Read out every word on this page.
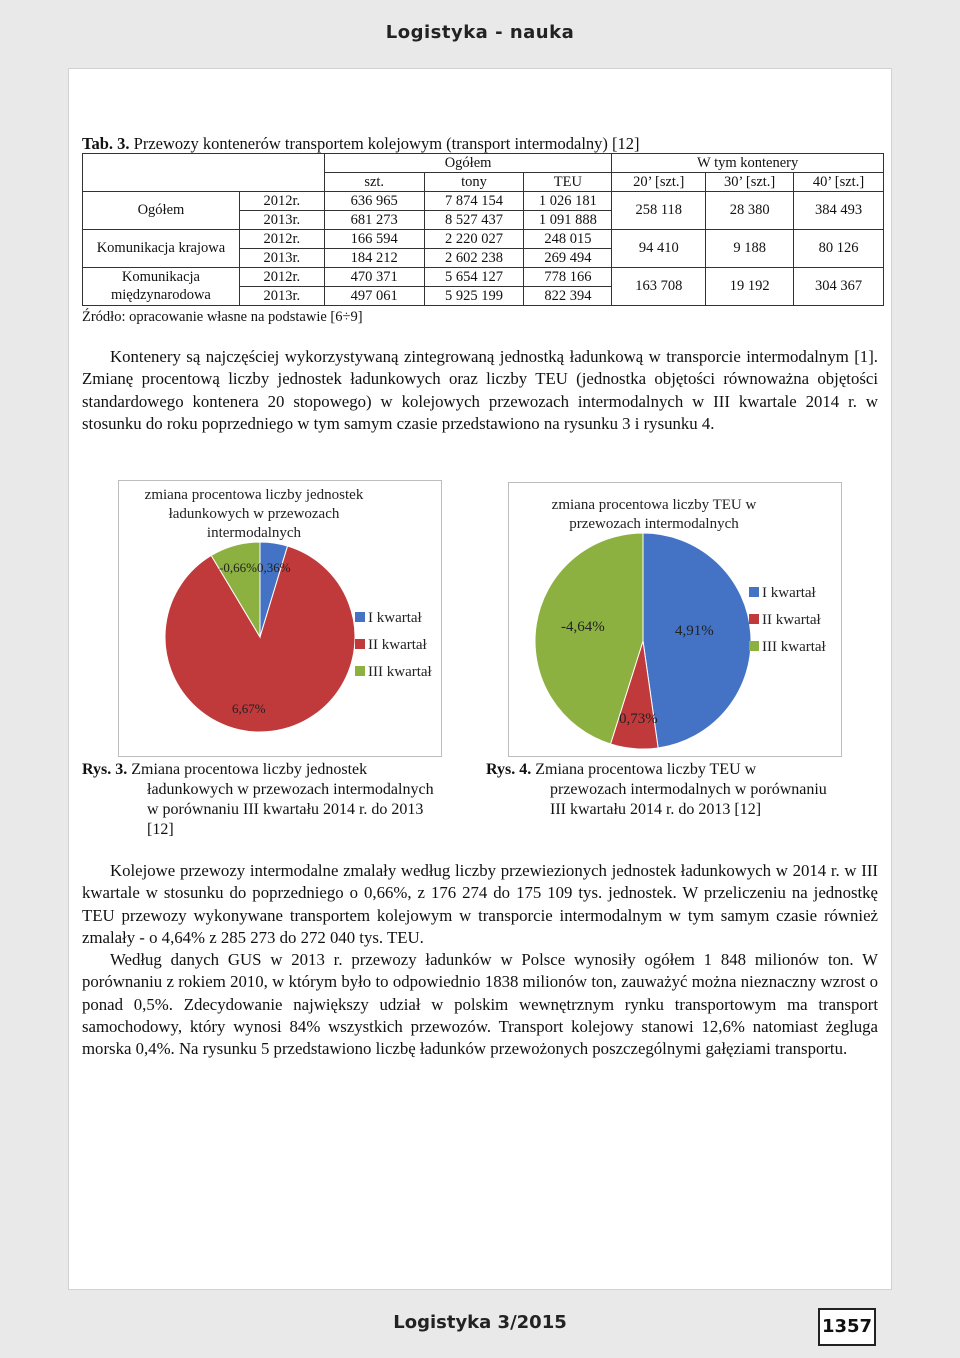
Logistyka - nauka
Tab. 3. Przewozy kontenerów transportem kolejowym (transport intermodalny) [12]
		Ogółem			W tym kontenery		
		szt.	tony	TEU	20’ [szt.]	30’ [szt.]	40’ [szt.]
Ogółem	2012r.	636 965	7 874 154	1 026 181	258 118	28 380	384 493
	2013r.	681 273	8 527 437	1 091 888			
Komunikacja krajowa	2012r.	166 594	2 220 027	248 015	94 410	9 188	80 126
	2013r.	184 212	2 602 238	269 494			
Komunikacja	2012r.	470 371	5 654 127	778 166	163 708	19 192	304 367
międzynarodowa	2013r.	497 061	5 925 199	822 394			
Źródło: opracowanie własne na podstawie [6÷9]
Kontenery są najczęściej wykorzystywaną zintegrowaną jednostką ładunkową w transporcie intermodalnym [1]. Zmianę procentową liczby jednostek ładunkowych oraz liczby TEU (jednostka objętości równoważna objętości standardowego kontenera 20 stopowego) w kolejowych przewozach intermodalnych w III kwartale 2014 r. w stosunku do roku poprzedniego w tym samym czasie przedstawiono na rysunku 3 i rysunku 4.
zmiana procentowa liczby jednostek
ładunkowych w przewozach
intermodalnych
-0,66% 0,36%
6,67%
I kwartał
II kwartał
III kwartał
zmiana procentowa liczby TEU w
przewozach intermodalnych
-4,64%	4,91%
0,73%
I kwartał
II kwartał
III kwartał
Rys. 3. Zmiana procentowa liczby jednostek
ładunkowych w przewozach intermodalnych
w porównaniu III kwartału 2014 r. do 2013
[12]
Rys. 4. Zmiana procentowa liczby TEU w
przewozach intermodalnych w porównaniu
III kwartału 2014 r. do 2013 [12]
Kolejowe przewozy intermodalne zmalały według liczby przewiezionych jednostek ładunkowych w 2014 r. w III kwartale w stosunku do poprzedniego o 0,66%, z 176 274 do 175 109 tys. jednostek. W przeliczeniu na jednostkę TEU przewozy wykonywane transportem kolejowym w transporcie intermodalnym w tym samym czasie również zmalały - o 4,64% z 285 273 do 272 040 tys. TEU.
Według danych GUS w 2013 r. przewozy ładunków w Polsce wynosiły ogółem 1 848 milionów ton. W porównaniu z rokiem 2010, w którym było to odpowiednio 1838 milionów ton, zauważyć można nieznaczny wzrost o ponad 0,5%. Zdecydowanie największy udział w polskim wewnętrznym rynku transportowym ma transport samochodowy, który wynosi 84% wszystkich przewozów. Transport kolejowy stanowi 12,6% natomiast żegluga morska 0,4%. Na rysunku 5 przedstawiono liczbę ładunków przewożonych poszczególnymi gałęziami transportu.
Logistyka 3/2015	1357
